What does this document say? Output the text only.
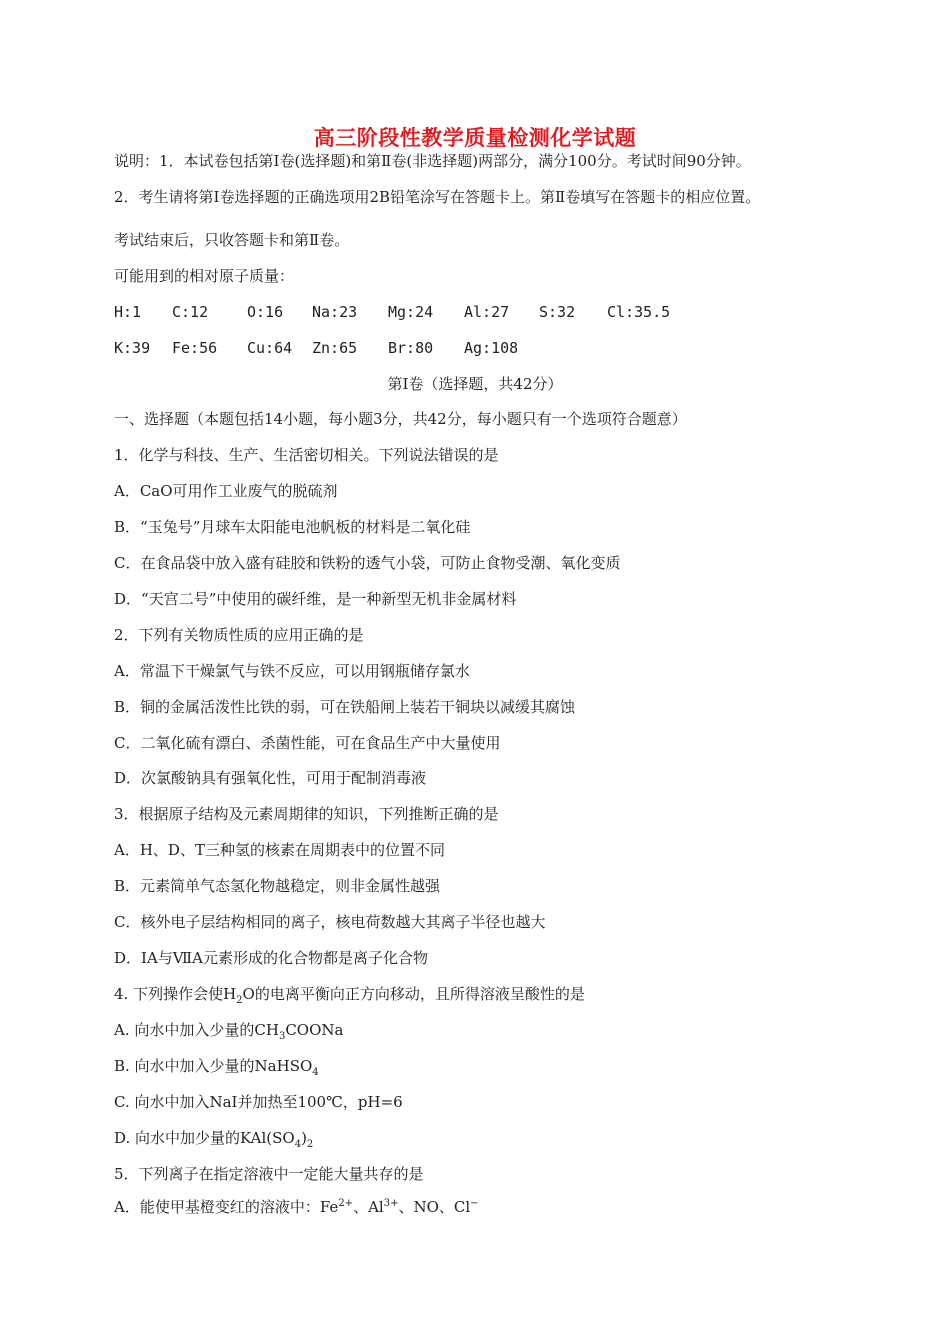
高三阶段性教学质量检测化学试题
说明：1．本试卷包括第Ⅰ卷(选择题)和第Ⅱ卷(非选择题)两部分，满分100分。考试时间90分钟。
2．考生请将第Ⅰ卷选择题的正确选项用2B铅笔涂写在答题卡上。第Ⅱ卷填写在答题卡的相应位置。
考试结束后，只收答题卡和第Ⅱ卷。
可能用到的相对原子质量：
H:1 C:12	O:16 Na:23 Mg:24 Al:27 S:32 Cl:35.5
K:39 Fe:56 Cu:64 Zn:65 Br:80 Ag:108
第Ⅰ卷（选择题，共42分）
一、选择题（本题包括14小题，每小题3分，共42分，每小题只有一个选项符合题意）
1．化学与科技、生产、生活密切相关。下列说法错误的是
A．CaO可用作工业废气的脱硫剂
B．“玉兔号”月球车太阳能电池帆板的材料是二氧化硅
C．在食品袋中放入盛有硅胶和铁粉的透气小袋，可防止食物受潮、氧化变质
D．“天宫二号”中使用的碳纤维，是一种新型无机非金属材料
2．下列有关物质性质的应用正确的是
A．常温下干燥氯气与铁不反应，可以用钢瓶储存氯水
B．铜的金属活泼性比铁的弱，可在铁船闸上装若干铜块以减缓其腐蚀
C．二氧化硫有漂白、杀菌性能，可在食品生产中大量使用
D．次氯酸钠具有强氧化性，可用于配制消毒液
3．根据原子结构及元素周期律的知识，下列推断正确的是
A．H、D、T三种氢的核素在周期表中的位置不同
B．元素简单气态氢化物越稳定，则非金属性越强
C．核外电子层结构相同的离子，核电荷数越大其离子半径也越大
D．ⅠA与ⅦA元素形成的化合物都是离子化合物
4. 下列操作会使$H_2O$的电离平衡向正方向移动，且所得溶液呈酸性的是
A. 向水中加入少量的$CH_3COONa$
B. 向水中加入少量的NaHSO$_4$
C. 向水中加入NaI并加热至100℃，pH=6
D. 向水中加少量的$KAl(SO_4)_2$
5．下列离子在指定溶液中一定能大量共存的是
A．能使甲基橙变红的溶液中：$Fe^{2+}$、$Al^{3+}$、NO、Cl−
